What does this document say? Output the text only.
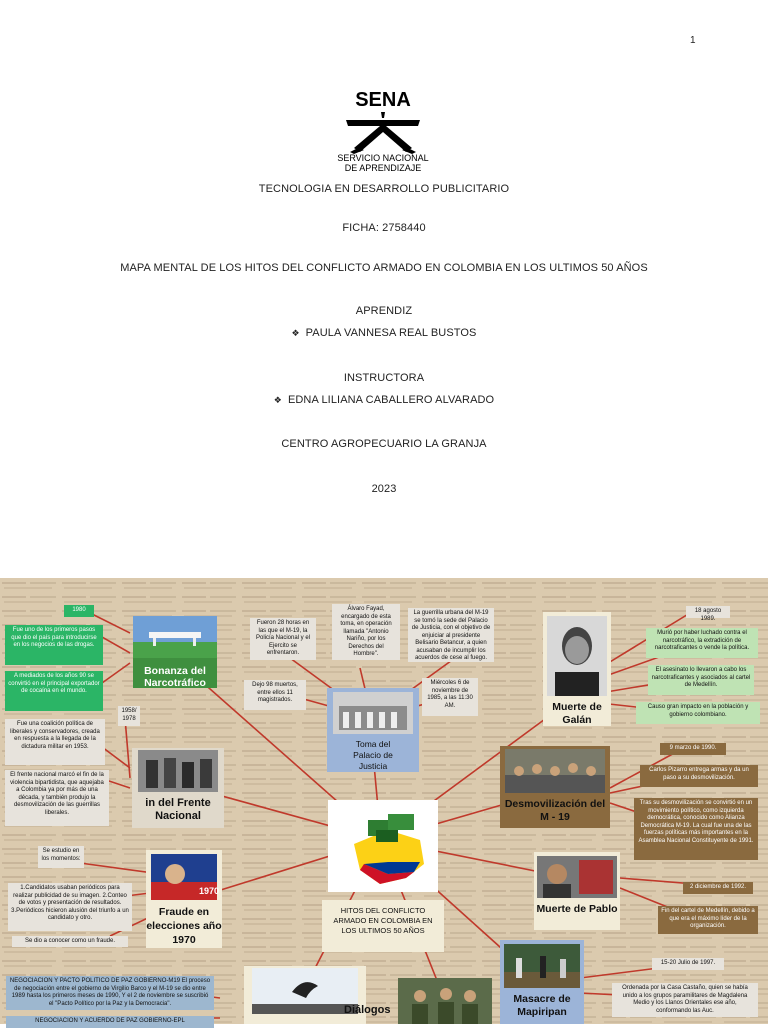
1
SENA
SERVICIO NACIONAL
DE APRENDIZAJE
TECNOLOGIA EN DESARROLLO PUBLICITARIO
FICHA: 2758440
MAPA MENTAL DE LOS HITOS DEL CONFLICTO ARMADO EN COLOMBIA EN LOS ULTIMOS 50 AÑOS
APRENDIZ
❖ PAULA VANNESA REAL BUSTOS
INSTRUCTORA
❖ EDNA LILIANA CABALLERO ALVARADO
CENTRO AGROPECUARIO LA GRANJA
2023
1980
Fue uno de los primeros pasos que dio el país para introducirse en los negocios de las drogas.
A mediados de los años 90 se convirtió en el principal exportador de cocaína en el mundo.
Bonanza del Narcotráfico
1958/ 1978
Fue una coalición política de liberales y conservadores, creada en respuesta a la llegada de la dictadura militar en 1953.
El frente nacional marcó el fin de la violencia bipartidista, que aquejaba a Colombia ya por más de una década, y también produjo la desmovilización de las guerrillas liberales.
in del Frente Nacional
Se estudio en los momentos:
1.Candidatos usaban periódicos para realizar publicidad de su imagen. 2.Conteo de votos y presentación de resultados. 3.Periódicos hicieron alusión del triunfo a un candidato y otro.
Se dio a conocer como un fraude.
1970
Fraude en elecciones año 1970
Fueron 28 horas en las que el M-19, la Policía Nacional y el Ejercito se enfrentaron.
Álvaro Fayad, encargado de esta toma, en operación llamada "Antonio Nariño, por los Derechos del Hombre".
La guerrilla urbana del M-19 se tomó la sede del Palacio de Justicia, con el objetivo de enjuiciar al presidente Belisario Betancur, a quien acusaban de incumplir los acuerdos de cese al fuego.
Dejo 98 muertos, entre ellos 11 magistrados.
Miércoles 6 de noviembre de 1985, a las 11:30 AM.
Toma del Palacio de Justicia
HITOS DEL CONFLICTO ARMADO EN COLOMBIA EN LOS ULTIMOS 50 AÑOS
18 agosto 1989.
Murió por haber luchado contra el narcotráfico, la extradición de narcotraficantes o vende la política.
El asesinato lo llevaron a cabo los narcotraficantes y asociados al cartel de Medellín.
Causo gran impacto en la población y gobierno colombiano.
Muerte de Galán
9 marzo de 1990.
Carlos Pizarro entrega armas y da un paso a su desmovilización.
Tras su desmovilización se convirtió en un movimiento político, como izquierda democrática, conocido como Alianza Democrática M-19. La cual fue una de las fuerzas políticas más importantes en la Asamblea Nacional Constituyente de 1991.
Desmovilización del M - 19
2 diciembre de 1992.
Fin del cartel de Medellín, debido a que era el máximo líder de la organización.
Muerte de Pablo
15-20 Julio de 1997.
Ordenada por la Casa Castaño, quien se había unido a los grupos paramilitares de Magdalena Medio y los Llanos Orientales ese año, conformando las Auc.
Masacre de Mapiripan
Diálogos
NEGOCIACION Y PACTO POLITICO DE PAZ GOBIERNO-M19 El proceso de negociación entre el gobierno de Virgilio Barco y el M-19 se dio entre 1989 hasta los primeros meses de 1990, Y el 2 de noviembre se suscribió el "Pacto Político por la Paz y la Democracia".
NEGOCIACION Y ACUERDO DE PAZ GOBIERNO-EPL
